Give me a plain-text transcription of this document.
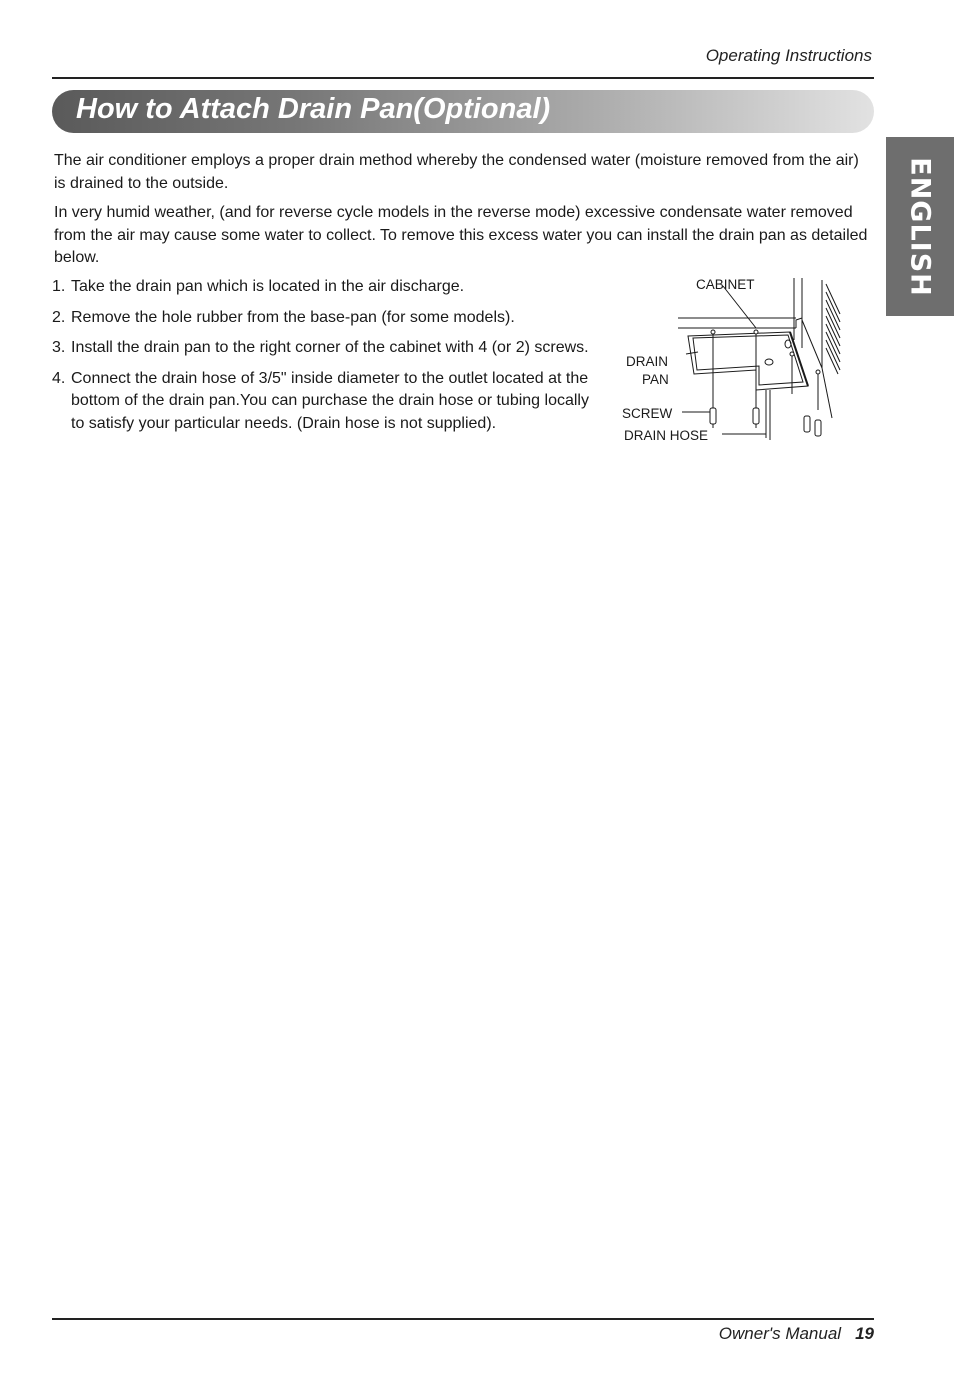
Operating Instructions
How to Attach Drain Pan(Optional)
ENGLISH

The air conditioner employs a proper drain method whereby the condensed water (moisture removed from the air) is drained to the outside.

In very humid weather, (and for reverse cycle models in the reverse mode) excessive condensate water removed from the air may cause some water to collect. To remove this excess water you can install the drain pan as detailed below.

1. Take the drain pan which is located in the air discharge.
2. Remove the hole rubber from the base-pan (for some models).
3. Install the drain pan to the right corner of the cabinet with 4 (or 2) screws.
4. Connect the drain hose of 3/5" inside diameter to the outlet located at the bottom of the drain pan.You can purchase the drain hose or tubing locally to satisfy your particular needs. (Drain hose is not supplied).
CABINET
DRAIN
PAN
SCREW
DRAIN HOSE
Owner's Manual 19
